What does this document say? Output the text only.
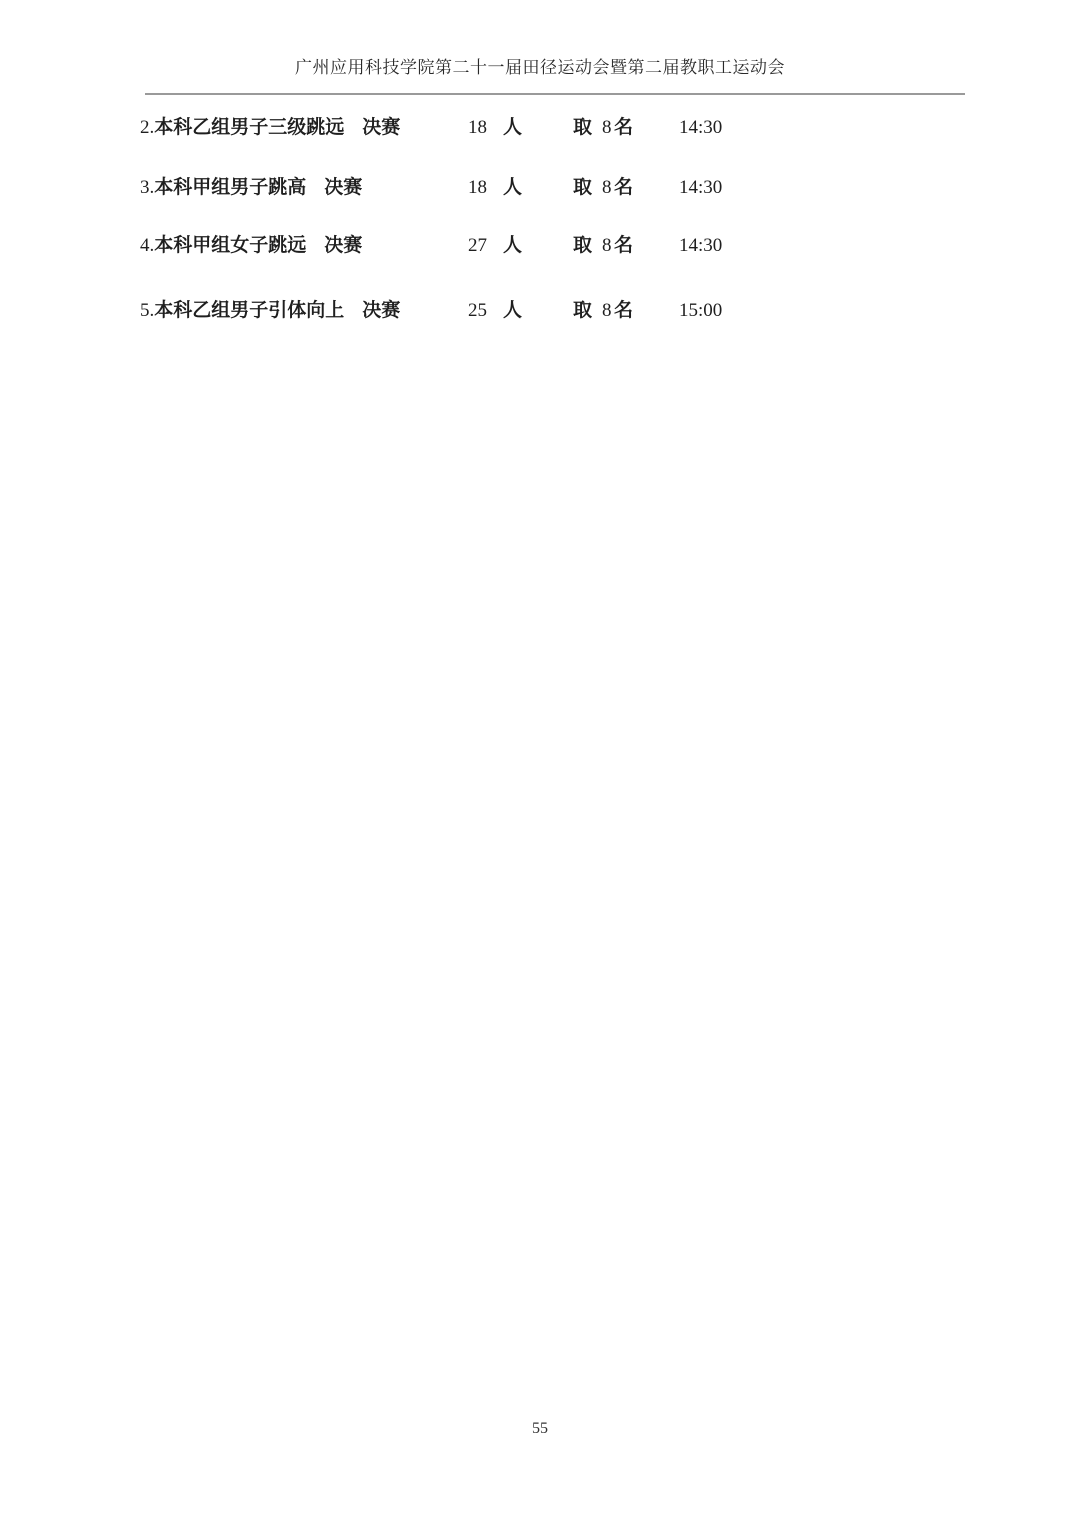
广州应用科技学院第二十一届田径运动会暨第二届教职工运动会
2.本科乙组男子三级跳远 决赛	18 人	取 8 名 14:30
3.本科甲组男子跳高 决赛	18 人	取 8 名 14:30
4.本科甲组女子跳远 决赛	27 人	取 8 名 14:30
5.本科乙组男子引体向上 决赛	25 人	取 8 名 15:00
55
